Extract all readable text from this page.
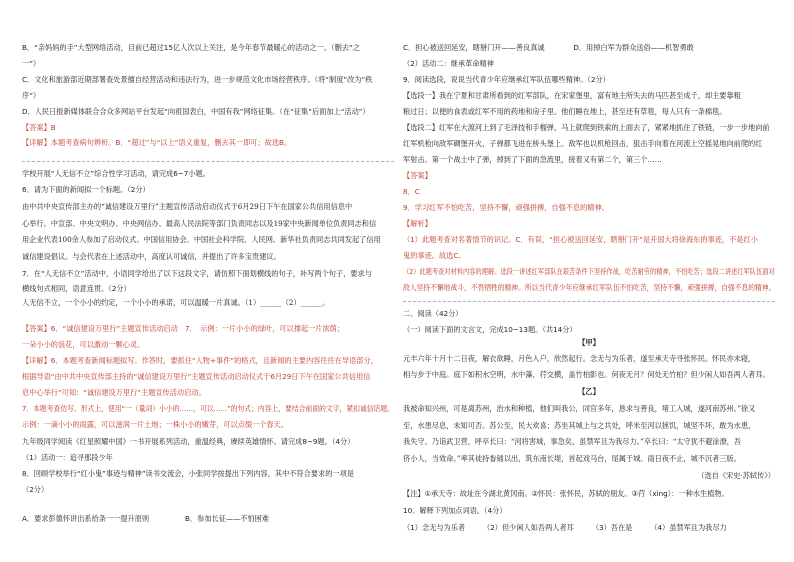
B．“亲妈妈的手”大型网络活动，目前已超过15亿人次以上关注，是今年春节最暖心的活动之一。（删去“之
一”）
C．文化和旅游部近期部署查处景擅自经营活动和违法行为，进一步规范文化市场经营秩序。（将“制度”改为“秩
序”）
D．人民日报新媒体联合合众多网站平台发起“向祖国表白，中国有我”网络征集。（在“征集”后面加上“活动”）
【答案】B
【详解】本题考查病句辨析。B．“超过”与“以上”语义重复，删去其一即可；故选B。
学校开展“人无信不立”综合性学习活动，请完成6~7小题。
6．请为下面的新闻拟一个标题。（2分）
由中共中央宣传部主办的“诚信建设万里行”主题宣传活动启动仪式于6月29日下午在国家公共信用信息中
心举行。中宣部、中央文明办、中央网信办、最高人民法院等部门负责同志以及19家中央新闻单位负责同志和信
用企业代表100余人参加了启动仪式。中国信用协会、中国社会科学院、人民网、新华社负责同志共同发起了信用
诚信建设倡议。与会代表在上述活动中，高度认可诚信，并提出了许多宝贵建议。
7．在“人无信不立”活动中，小语同学给出了以下这段文字，请仿照下面划横线的句子，补写两个句子，要求与
横线句式相同，语意连贯。（2分）
人无信不立，一个小小的约定，一个小小的承诺，可以温暖一片真诚。（1）______（2）______。
【答案】6．“诚信建设万里行”主题宣传活动启动　7．　示例：一片小小的绿叶，可以撑起一片浓荫；
一朵小小的浪花，可以激动一颗心灵。
【详解】6．本题考查新闻标题拟写。作答时，要抓住“人物+事件”的格式，且新闻的主要内容往往在导语部分，
根据导语“由中共中央宣传部主持的“诚信建设万里行”主题宣传活动启动仪式于6月29日下午在国家公共信用信
息中心举行”可知：“诚信建设万里行”主题宣传活动启动。
7．本题考查仿写。形式上，使用“一（量词）小小的……，可以……”的句式；内容上，要结合前面的文字，紧扣诚信话题。
示例：一滴小小的雨露，可以滋润一片土地；一株小小的嫩芽，可以点缀一个春天。
九年级同学阅读《红星照耀中国》一书开展系列活动，重温经典，赓续英雄情怀。请完成8~9题。（4分）
（1）活动一：追寻那段少年
8．回顾学校举行“红小鬼”事迹与精神”读书交流会，小张同学按提出下列内容，其中不符合要求的一项是
（2分）
A．要求彭德怀讲出系给条一一提升原则　　　　　B．参加长征——不怕困难
【甲】
【乙】
（选自《宋史·苏轼传》）
C．担心被送回延安，瞎掰门开——善良真诚　　　　D．用掉白军为群众送俗——机智勇敢
（2）活动二：继承革命精神
9．阅读选段，说说当代青少年应继承红军队伍哪些精神。（2分）
【选段一】我在宁夏和甘肃所看到的红军部队，在宋家堡里，富有地主所失去的马匹甚至成千，却主要靠粗
粮过日；以便的食表或红军不用的药地和房子里。他们睡在地上，甚至还有草毯，每人只有一条棉毯。
【选段二】红军在大渡河上到了毛泽技和手榴弹，马上就爬到铁索的上面去了，紧紧地抓住了铁链，一步一步地向前
红军机枪向敌军碉堡开火，子弹都飞进在桥头堡上。敌军也以机枪回击，狙击手向着在河流上空摇晃地向前爬的红
军射击。第一个战士中了弹，掉到了下面的急流里，接着又有第二个，第三个……
【答案】
8．C
9．学习红军不怕吃苦，坚持不懈，顽强拼搏，自强不息的精神。
【解析】
（1）此题考查对名著情节的识记。C．有误，“担心被送回延安，瞎掰门开”是开国大将徐海东的事迹，不是红小
鬼的事迹。故选C。
（2）此题考查对材料内容的理解。选段一讲述红军部队在艰苦条件下坚持作战，吃苦耐劳的精神，不怕吃苦；选段二讲述红军队伍面对
敌人坚持不懈地战斗，不畏牺牲的精神。所以当代青少年应继承红军队伍不怕吃苦，坚持不懈，顽强拼搏，自强不息的精神。
二、阅读（42分）
（一）阅读下面的文言文，完成10~13题。（共14分）
元丰六年十月十二日夜，解衣欲睡，月色入户，欣然起行。念无与为乐者，遂至承天寺寻张怀民。怀民亦未寝，
相与步于中庭。庭下如积水空明，水中藻、荇交横，盖竹柏影也。何夜无月？何处无竹柏？但少闲人如吾两人者耳。
我被命知兴州，可是离苏州，治水和种植，他们叫我公，同官多年，恳求与善良，堵工入城，遂河南苏州。”徐又
至，水患尽息，未知可否。苏公至，民大欢喜；苏坐其城上与之共处，呼米至河以拯饥，城坚不坏，敢为水患，
我失守。乃诣武卫营，呼卒长曰：“河将害城，事急矣，虽禁军且为我尽力。”卒长曰：“太守犹不避涂潦，吾
侪小人，当效命。”率其徒持畚锸以出，筑东南长堤，首起戏马台，尾属于城。雨日夜不止，城不沉者三版。
【注】①承天寺：故址在今湖北黄冈南。②怀民：张怀民，苏轼的朋友。③荇（xìng）：一种水生植物。
10．解释下列加点词语。（4分）
（1）念无与为乐者　　　（2）但少闲人如吾两人者耳　　　（3）吾在是　　　（4）虽禁军且为我尽力
